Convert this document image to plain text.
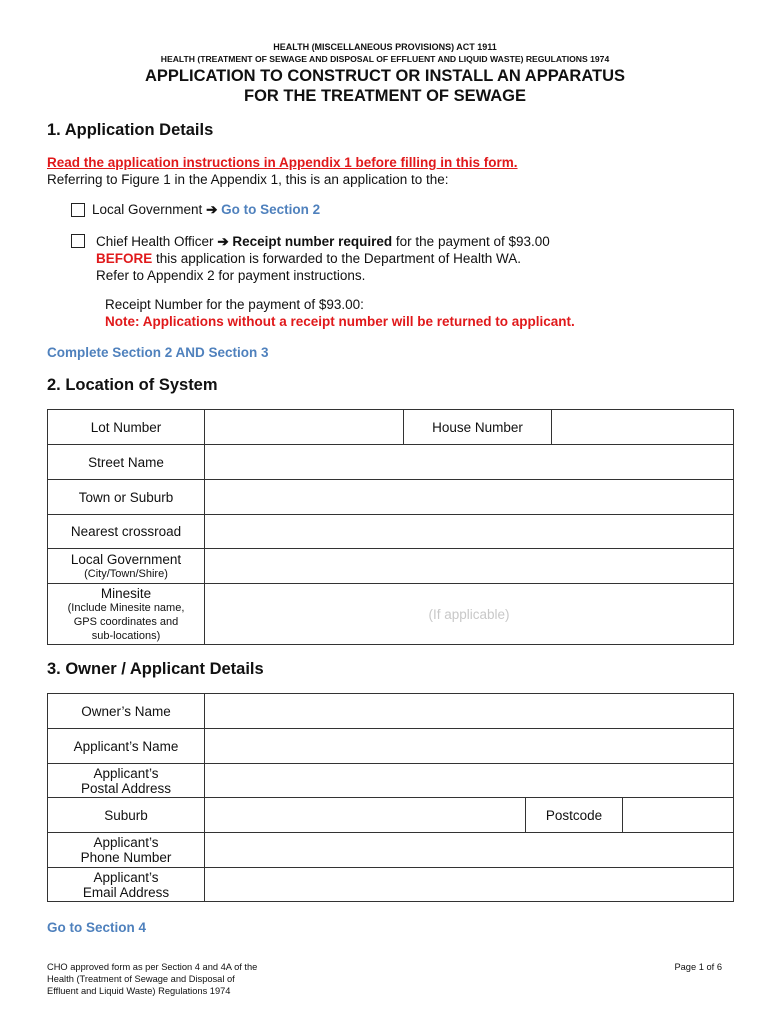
HEALTH (MISCELLANEOUS PROVISIONS) ACT 1911
HEALTH (TREATMENT OF SEWAGE AND DISPOSAL OF EFFLUENT AND LIQUID WASTE) REGULATIONS 1974
APPLICATION TO CONSTRUCT OR INSTALL AN APPARATUS
FOR THE TREATMENT OF SEWAGE
1. Application Details
Read the application instructions in Appendix 1 before filling in this form.
Referring to Figure 1 in the Appendix 1, this is an application to the:
Local Government ➔ Go to Section 2
Chief Health Officer ➔ Receipt number required for the payment of $93.00
BEFORE this application is forwarded to the Department of Health WA.
Refer to Appendix 2 for payment instructions.
Receipt Number for the payment of $93.00:
Note: Applications without a receipt number will be returned to applicant.
Complete Section 2 AND Section 3
2. Location of System
Lot Number		House Number	
Street Name			
Town or Suburb			
Nearest crossroad			
Local Government
(City/Town/Shire)			

Minesite
(Include Minesite name,
GPS coordinates and
sub-locations)	(If applicable)		
3. Owner / Applicant Details
Owner’s Name			
Applicant’s Name			

Applicant’s
Postal Address			

Suburb		Postcode	

Applicant’s
Phone Number			

Applicant’s
Email Address			

Go to Section 4
CHO approved form as per Section 4 and 4A of the
Health (Treatment of Sewage and Disposal of
Effluent and Liquid Waste) Regulations 1974
Page 1 of 6
